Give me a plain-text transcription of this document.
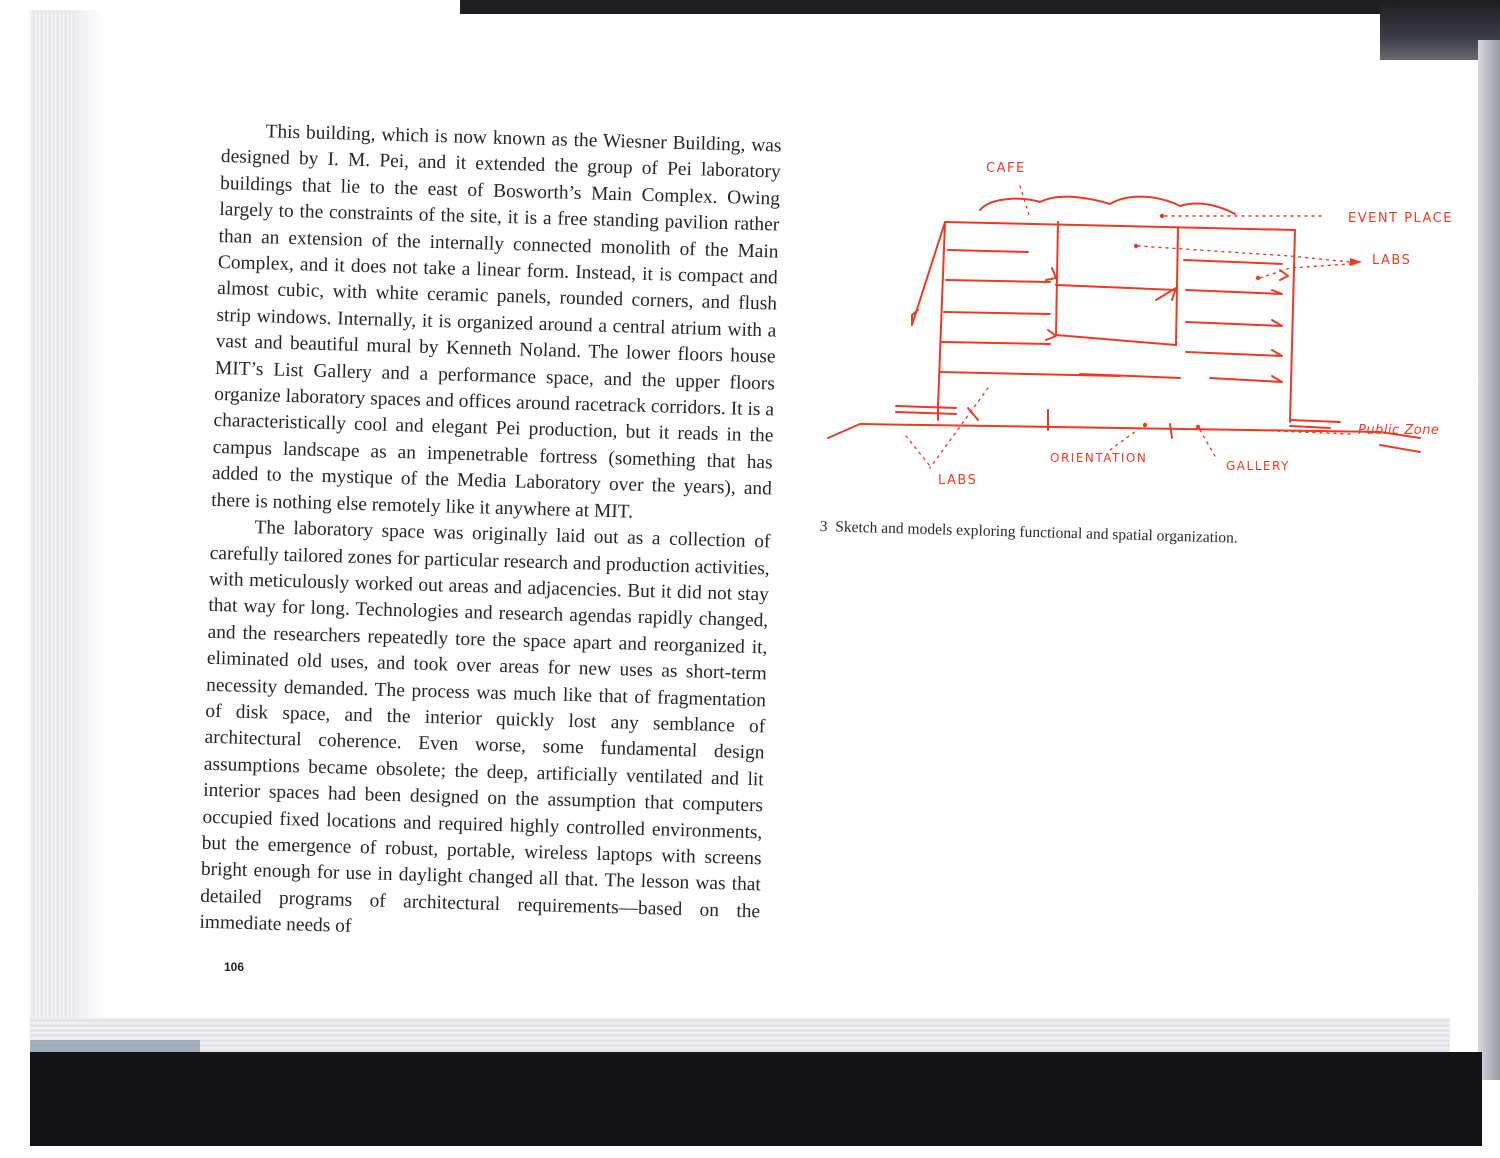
This building, which is now known as the Wiesner Building, was designed by I. M. Pei, and it extended the group of Pei laboratory buildings that lie to the east of Bosworth’s Main Complex. Owing largely to the constraints of the site, it is a free standing pavilion rather than an extension of the internally connected monolith of the Main Complex, and it does not take a linear form. Instead, it is compact and almost cubic, with white ceramic panels, rounded corners, and flush strip windows. Internally, it is organized around a central atrium with a vast and beautiful mural by Kenneth Noland. The lower floors house MIT’s List Gallery and a performance space, and the upper floors organize laboratory spaces and offices around racetrack corridors. It is a characteristically cool and elegant Pei production, but it reads in the campus landscape as an impenetrable fortress (something that has added to the mystique of the Media Laboratory over the years), and there is nothing else remotely like it anywhere at MIT.

The laboratory space was originally laid out as a collection of carefully tailored zones for particular research and production activities, with meticulously worked out areas and adjacencies. But it did not stay that way for long. Technologies and research agendas rapidly changed, and the researchers repeatedly tore the space apart and reorganized it, eliminated old uses, and took over areas for new uses as short-term necessity demanded. The process was much like that of fragmentation of disk space, and the interior quickly lost any semblance of architectural coherence. Even worse, some fundamental design assumptions became obsolete; the deep, artificially ventilated and lit interior spaces had been designed on the assumption that computers occupied fixed locations and required highly controlled environments, but the emergence of robust, portable, wireless laptops with screens bright enough for use in daylight changed all that. The lesson was that detailed programs of architectural requirements—based on the immediate needs of

106
CAFE
EVENT PLACE
LABS
Public Zone
LABS
ORIENTATION
GALLERY
3 Sketch and models exploring functional and spatial organization.
